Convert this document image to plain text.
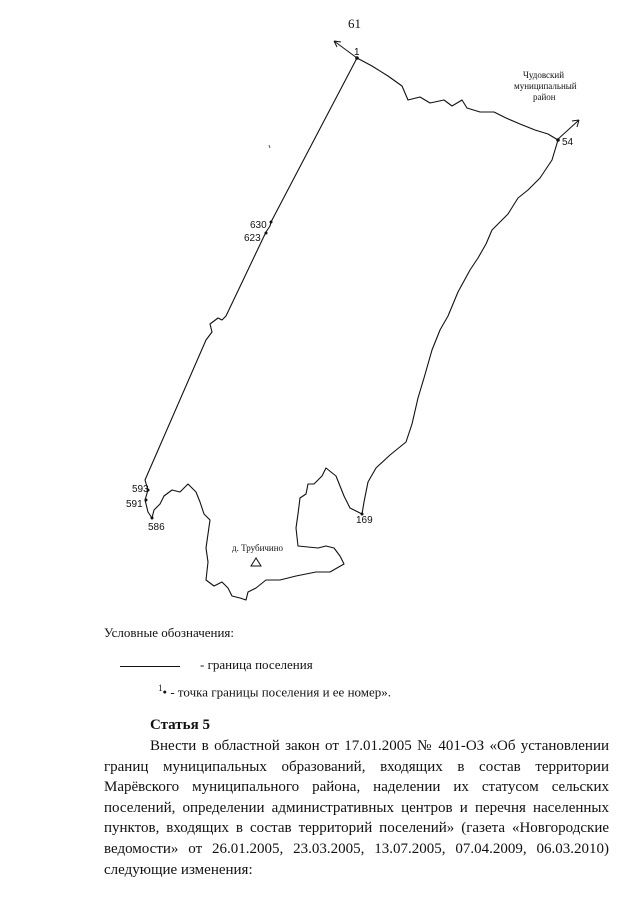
61
1
54
630
623
593
591
586
169
Чудовский
муниципальный
район
д. Трубичино
Условные обозначения:
- граница поселения
$^1$• - точка границы поселения и ее номер».
Статья 5

Внести в областной закон от 17.01.2005 № 401-ОЗ «Об установлении границ муниципальных образований, входящих в состав территории Марёвского муниципального района, наделении их статусом сельских поселений, определении административных центров и перечня населенных пунктов, входящих в состав территорий поселений» (газета «Новгородские ведомости» от 26.01.2005, 23.03.2005, 13.07.2005, 07.04.2009, 06.03.2010) следующие изменения:
